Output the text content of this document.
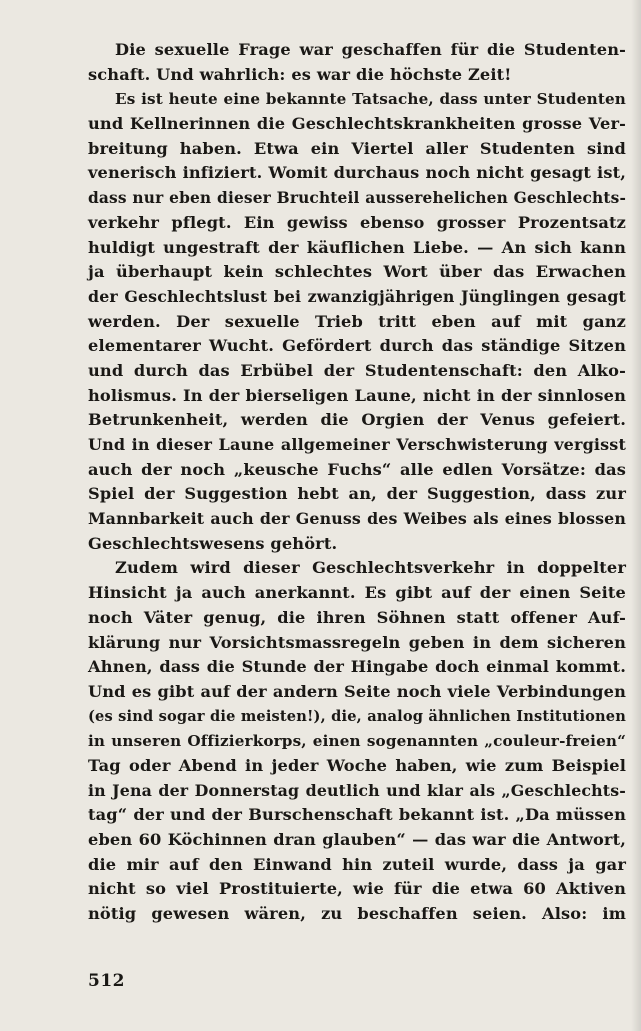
Die sexuelle Frage war geschaffen für die Studenten-
schaft. Und wahrlich: es war die höchste Zeit!
Es ist heute eine bekannte Tatsache, dass unter Studenten
und Kellnerinnen die Geschlechtskrankheiten grosse Ver-
breitung haben. Etwa ein Viertel aller Studenten sind
venerisch infiziert. Womit durchaus noch nicht gesagt ist,
dass nur eben dieser Bruchteil ausserehelichen Geschlechts-
verkehr pflegt. Ein gewiss ebenso grosser Prozentsatz
huldigt ungestraft der käuflichen Liebe. — An sich kann
ja überhaupt kein schlechtes Wort über das Erwachen
der Geschlechtslust bei zwanzigjährigen Jünglingen gesagt
werden. Der sexuelle Trieb tritt eben auf mit ganz
elementarer Wucht. Gefördert durch das ständige Sitzen
und durch das Erbübel der Studentenschaft: den Alko-
holismus. In der bierseligen Laune, nicht in der sinnlosen
Betrunkenheit, werden die Orgien der Venus gefeiert.
Und in dieser Laune allgemeiner Verschwisterung vergisst
auch der noch „keusche Fuchs“ alle edlen Vorsätze: das
Spiel der Suggestion hebt an, der Suggestion, dass zur
Mannbarkeit auch der Genuss des Weibes als eines blossen
Geschlechtswesens gehört.
Zudem wird dieser Geschlechtsverkehr in doppelter
Hinsicht ja auch anerkannt. Es gibt auf der einen Seite
noch Väter genug, die ihren Söhnen statt offener Auf-
klärung nur Vorsichtsmassregeln geben in dem sicheren
Ahnen, dass die Stunde der Hingabe doch einmal kommt.
Und es gibt auf der andern Seite noch viele Verbindungen
(es sind sogar die meisten!), die, analog ähnlichen Institutionen
in unseren Offizierkorps, einen sogenannten „couleur-freien“
Tag oder Abend in jeder Woche haben, wie zum Beispiel
in Jena der Donnerstag deutlich und klar als „Geschlechts-
tag“ der und der Burschenschaft bekannt ist. „Da müssen
eben 60 Köchinnen dran glauben“ — das war die Antwort,
die mir auf den Einwand hin zuteil wurde, dass ja gar
nicht so viel Prostituierte, wie für die etwa 60 Aktiven
nötig gewesen wären, zu beschaffen seien. Also: im
512
